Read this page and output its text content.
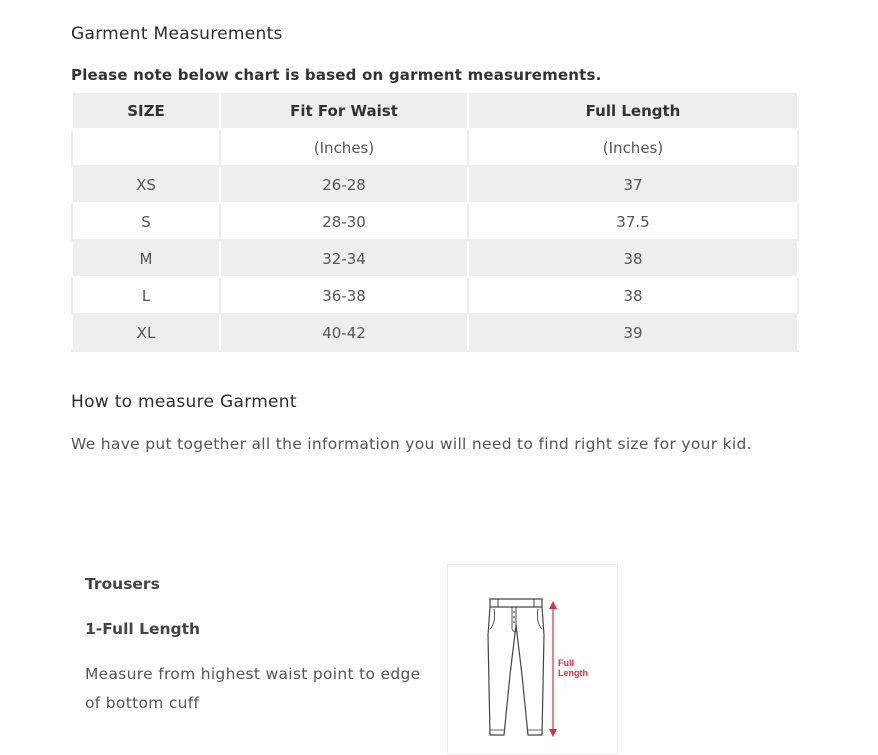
Garment Measurements

Please note below chart is based on garment measurements.

SIZE	Fit For Waist	Full Length
	(Inches)	(Inches)
XS	26-28	37
S	28-30	37.5
M	32-34	38
L	36-38	38
XL	40-42	39
How to measure Garment

We have put together all the information you will need to find right size for your kid.

Trousers
1-Full Length

Measure from highest waist point to edge of bottom cuff

Full
Length
